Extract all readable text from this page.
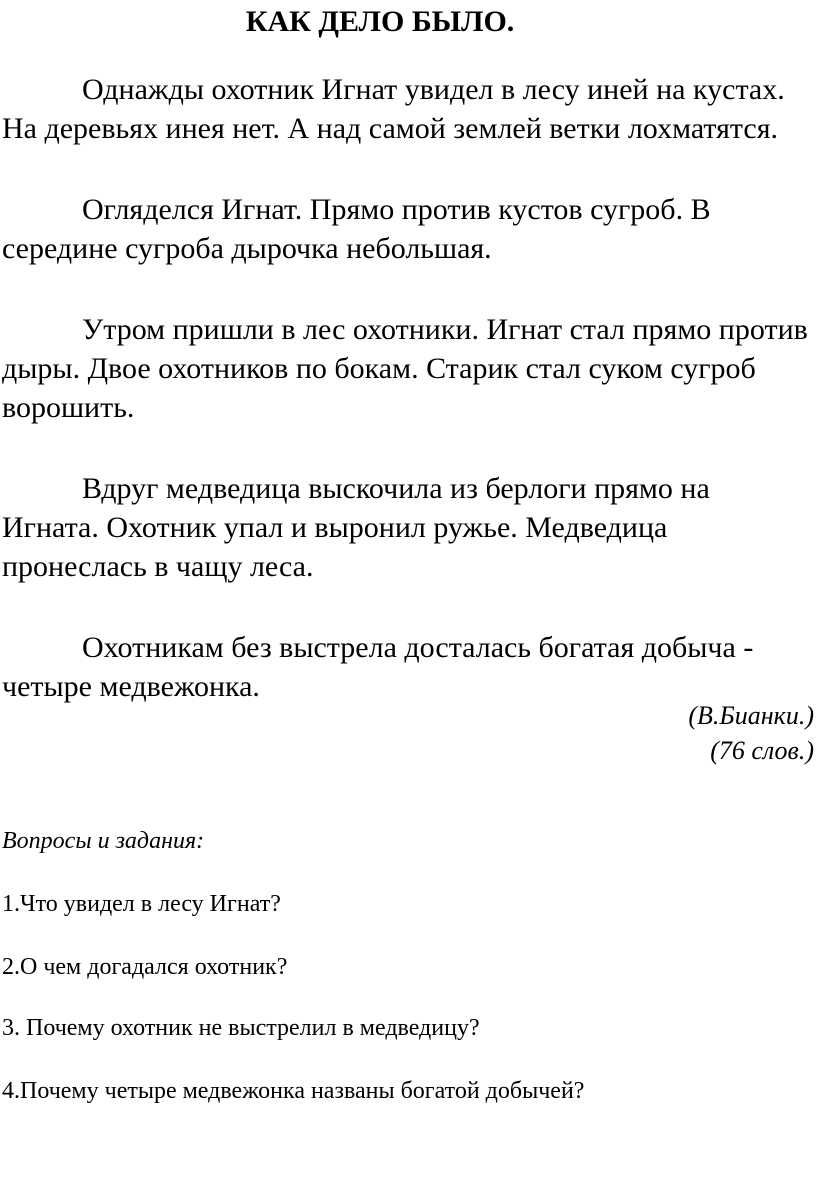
КАК ДЕЛО БЫЛО.

Однажды охотник Игнат увидел в лесу иней на кустах. На деревьях инея нет. А над самой землей ветки лохматятся.

Огляделся Игнат. Прямо против кустов сугроб. В середине сугроба дырочка небольшая.

Утром пришли в лес охотники. Игнат стал прямо против дыры. Двое охотников по бокам. Старик стал суком сугроб ворошить.

Вдруг медведица выскочила из берлоги прямо на Игната. Охотник упал и выронил ружье. Медведица пронеслась в чащу леса.

Охотникам без выстрела досталась богатая добыча - четыре медвежонка.

(В.Бианки.)
(76 слов.)
Вопросы и задания:
1.Что увидел в лесу Игнат?
2.О чем догадался охотник?
3. Почему охотник не выстрелил в медведицу?
4.Почему четыре медвежонка названы богатой добычей?
